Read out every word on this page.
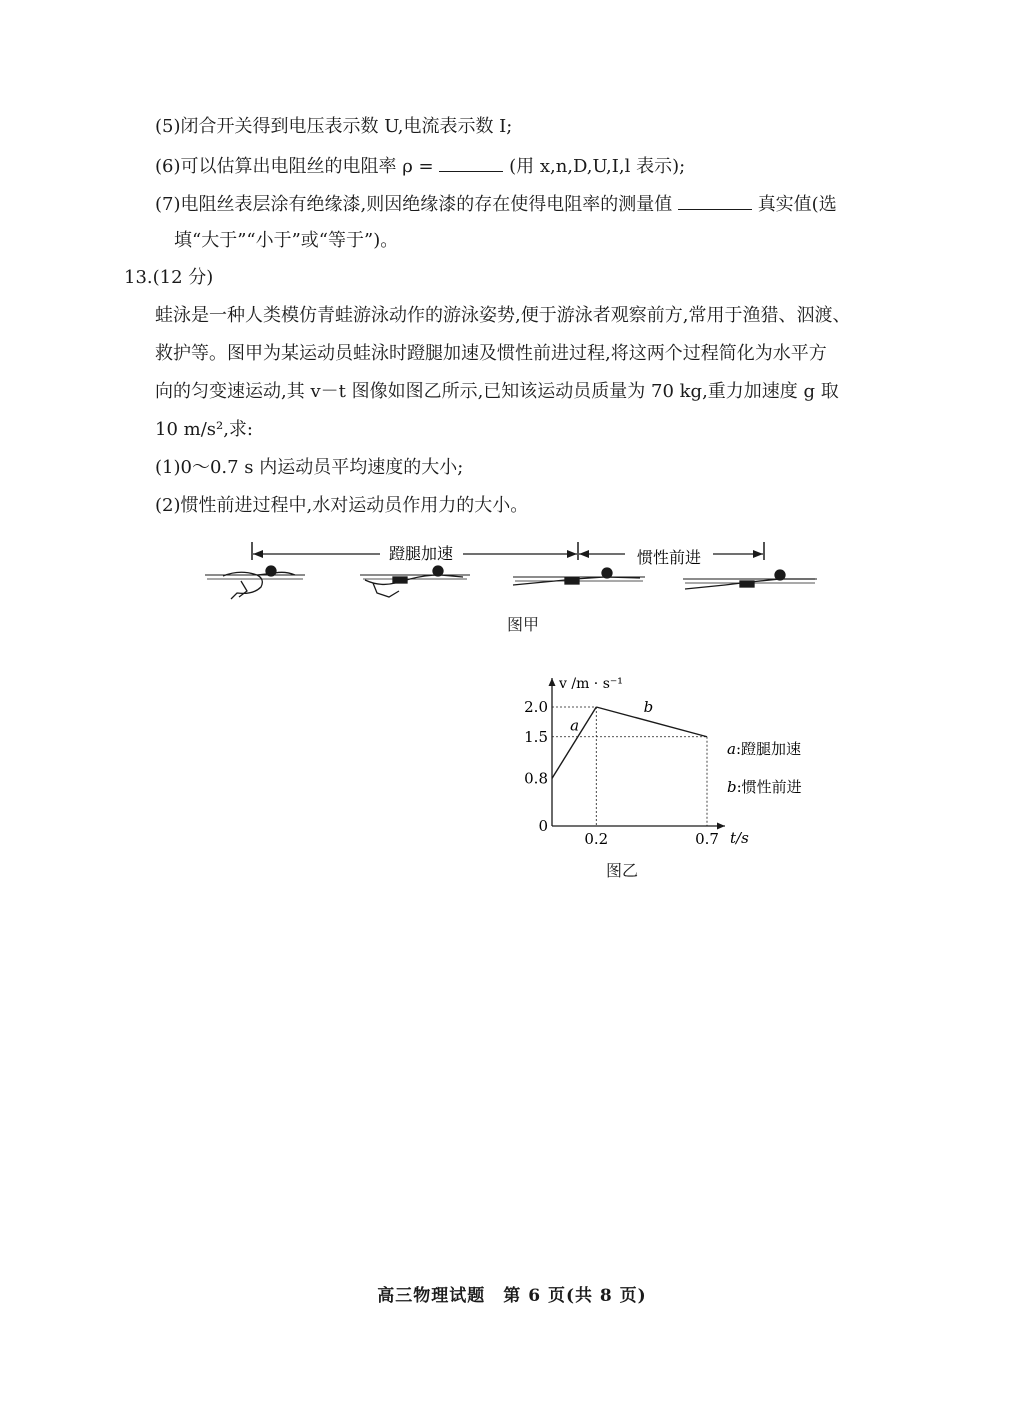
(5)闭合开关得到电压表示数 U,电流表示数 I;
(6)可以估算出电阻丝的电阻率 ρ =	(用 x,n,D,U,I,l 表示);
(7)电阻丝表层涂有绝缘漆,则因绝缘漆的存在使得电阻率的测量值	真实值(选
填“大于”“小于”或“等于”)。
13.(12 分)
蛙泳是一种人类模仿青蛙游泳动作的游泳姿势,便于游泳者观察前方,常用于渔猎、泅渡、
救护等。图甲为某运动员蛙泳时蹬腿加速及惯性前进过程,将这两个过程简化为水平方
向的匀变速运动,其 v－t 图像如图乙所示,已知该运动员质量为 70 kg,重力加速度 g 取
10 m/s²,求:
(1)0～0.7 s 内运动员平均速度的大小;
(2)惯性前进过程中,水对运动员作用力的大小。
蹬腿加速	惯性前进
图甲
v /m · s⁻¹
t/s
a
b
0
0.8
1.5
2.0
0.2	0.7
a:蹬腿加速
b:惯性前进
图乙
高三物理试题　第 6 页(共 8 页)
